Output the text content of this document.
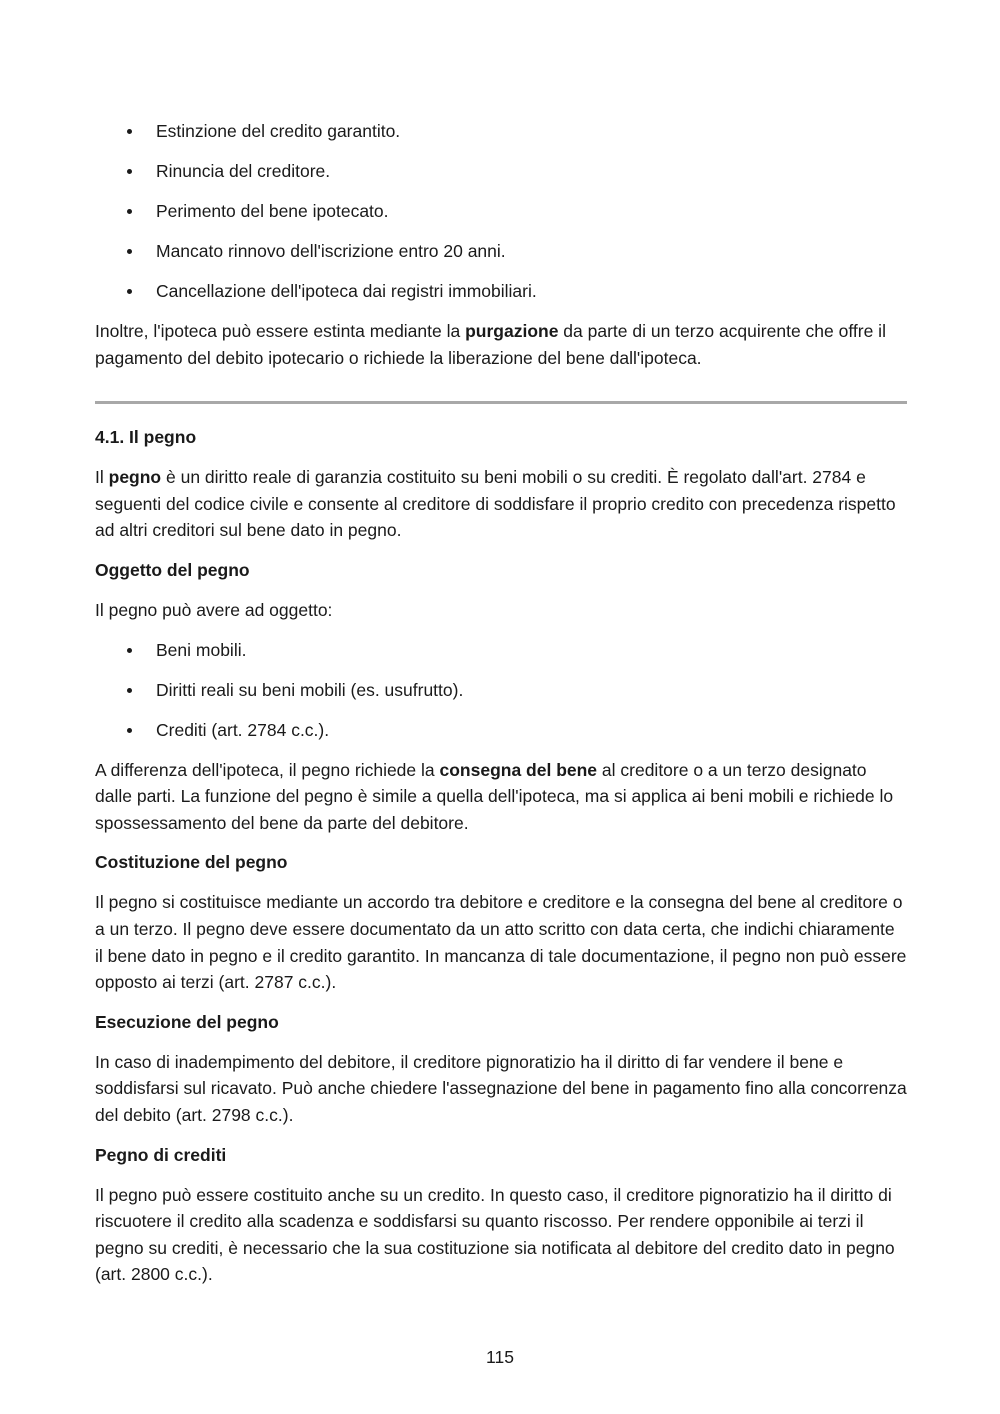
Estinzione del credito garantito.
Rinuncia del creditore.
Perimento del bene ipotecato.
Mancato rinnovo dell'iscrizione entro 20 anni.
Cancellazione dell'ipoteca dai registri immobiliari.

Inoltre, l'ipoteca può essere estinta mediante la purgazione da parte di un terzo acquirente che offre il pagamento del debito ipotecario o richiede la liberazione del bene dall'ipoteca.

4.1. Il pegno

Il pegno è un diritto reale di garanzia costituito su beni mobili o su crediti. È regolato dall'art. 2784 e seguenti del codice civile e consente al creditore di soddisfare il proprio credito con precedenza rispetto ad altri creditori sul bene dato in pegno.

Oggetto del pegno

Il pegno può avere ad oggetto:

Beni mobili.
Diritti reali su beni mobili (es. usufrutto).
Crediti (art. 2784 c.c.).

A differenza dell'ipoteca, il pegno richiede la consegna del bene al creditore o a un terzo designato dalle parti. La funzione del pegno è simile a quella dell'ipoteca, ma si applica ai beni mobili e richiede lo spossessamento del bene da parte del debitore.

Costituzione del pegno

Il pegno si costituisce mediante un accordo tra debitore e creditore e la consegna del bene al creditore o a un terzo. Il pegno deve essere documentato da un atto scritto con data certa, che indichi chiaramente il bene dato in pegno e il credito garantito. In mancanza di tale documentazione, il pegno non può essere opposto ai terzi (art. 2787 c.c.).

Esecuzione del pegno

In caso di inadempimento del debitore, il creditore pignoratizio ha il diritto di far vendere il bene e soddisfarsi sul ricavato. Può anche chiedere l'assegnazione del bene in pagamento fino alla concorrenza del debito (art. 2798 c.c.).

Pegno di crediti

Il pegno può essere costituito anche su un credito. In questo caso, il creditore pignoratizio ha il diritto di riscuotere il credito alla scadenza e soddisfarsi su quanto riscosso. Per rendere opponibile ai terzi il pegno su crediti, è necessario che la sua costituzione sia notificata al debitore del credito dato in pegno (art. 2800 c.c.).

115
